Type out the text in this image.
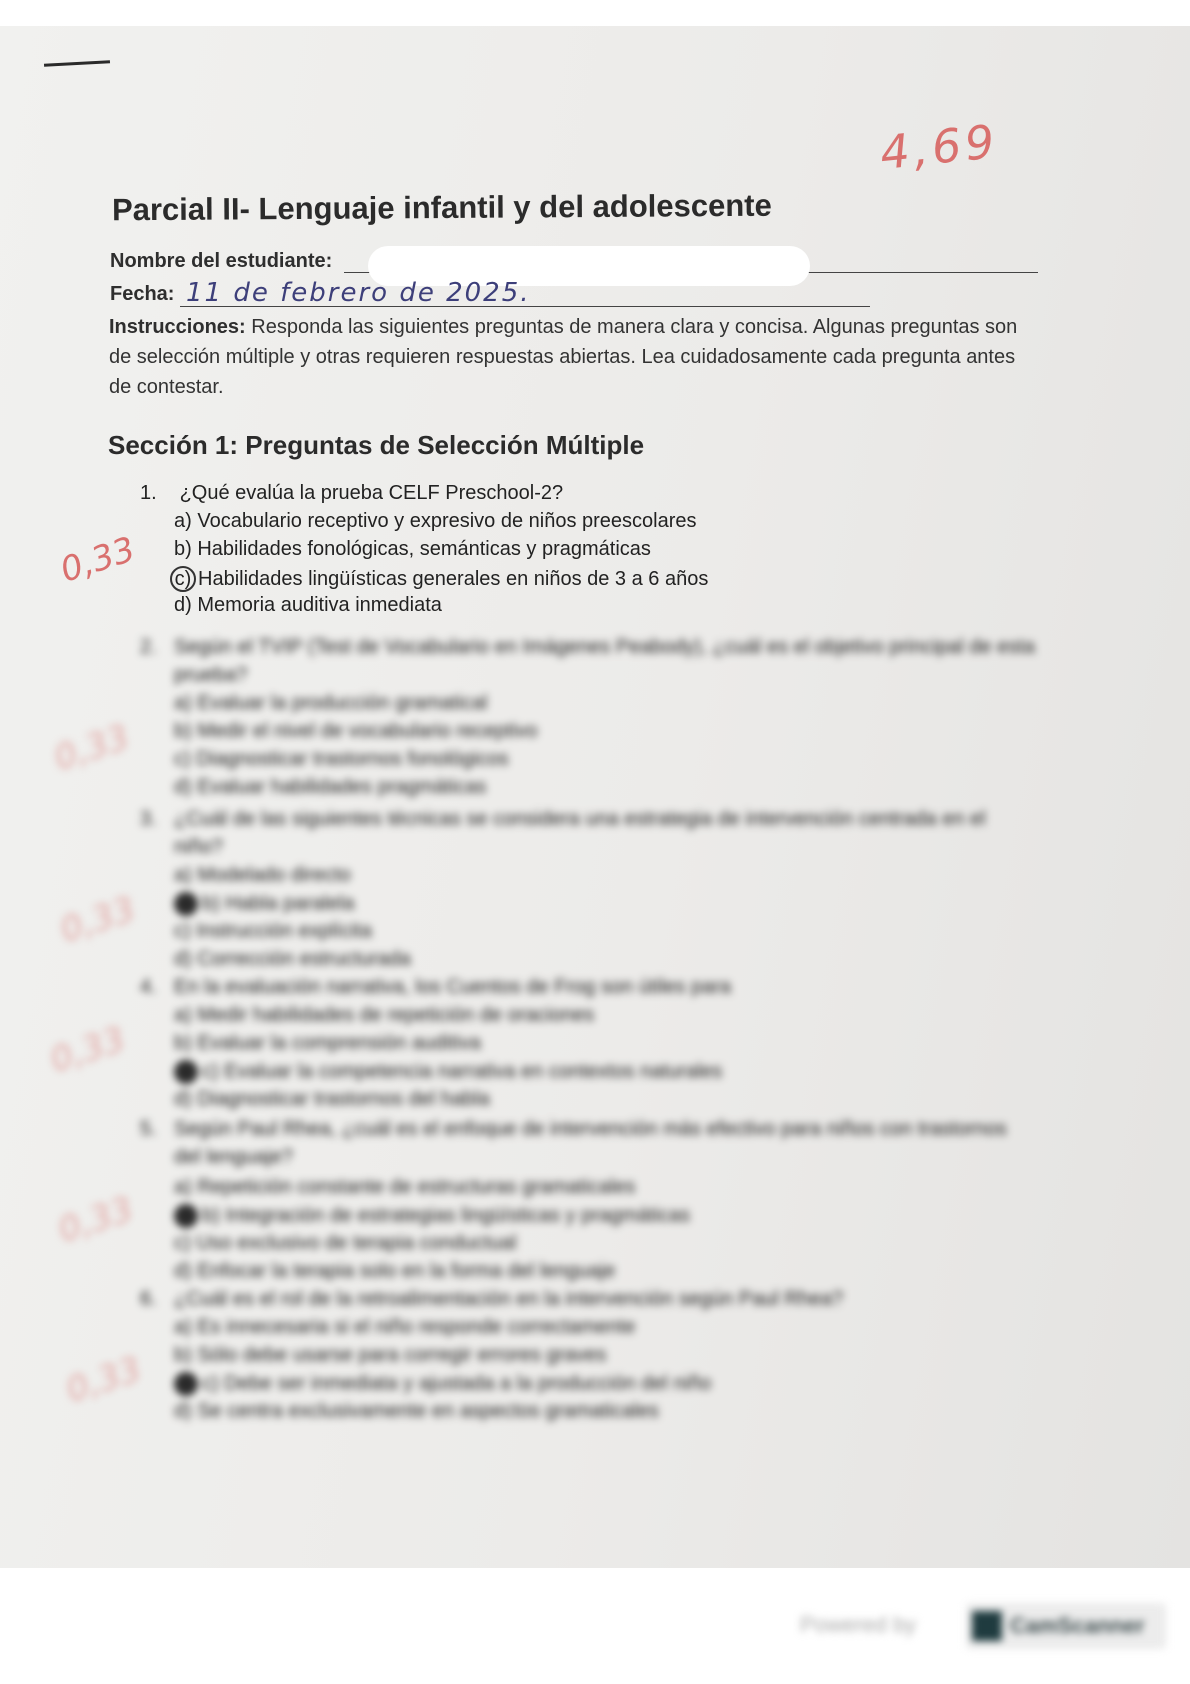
4,69
Parcial II- Lenguaje infantil y del adolescente
Nombre del estudiante:
Fecha: 11 de febrero de 2025.

Instrucciones: Responda las siguientes preguntas de manera clara y concisa. Algunas preguntas son de selección múltiple y otras requieren respuestas abiertas. Lea cuidadosamente cada pregunta antes de contestar.

Sección 1: Preguntas de Selección Múltiple
1. ¿Qué evalúa la prueba CELF Preschool-2?
a) Vocabulario receptivo y expresivo de niños preescolares
b) Habilidades fonológicas, semánticas y pragmáticas
c) Habilidades lingüísticas generales en niños de 3 a 6 años
d) Memoria auditiva inmediata
0,33
2. Según el TVIP (Test de Vocabulario en Imágenes Peabody), ¿cuál es el objetivo principal de esta
prueba?
a) Evaluar la producción gramatical
b) Medir el nivel de vocabulario receptivo
c) Diagnosticar trastornos fonológicos
d) Evaluar habilidades pragmáticas
0,33
3. ¿Cuál de las siguientes técnicas se considera una estrategia de intervención centrada en el
niño?
a) Modelado directo
b) Habla paralela
c) Instrucción explícita
d) Corrección estructurada
0,33
4. En la evaluación narrativa, los Cuentos de Frog son útiles para
a) Medir habilidades de repetición de oraciones
b) Evaluar la comprensión auditiva
c) Evaluar la competencia narrativa en contextos naturales
d) Diagnosticar trastornos del habla
0,33
5. Según Paul Rhea, ¿cuál es el enfoque de intervención más efectivo para niños con trastornos
del lenguaje?
a) Repetición constante de estructuras gramaticales
b) Integración de estrategias lingüísticas y pragmáticas
c) Uso exclusivo de terapia conductual
d) Enfocar la terapia solo en la forma del lenguaje
0,33
6. ¿Cuál es el rol de la retroalimentación en la intervención según Paul Rhea?
a) Es innecesaria si el niño responde correctamente
b) Sólo debe usarse para corregir errores graves
c) Debe ser inmediata y ajustada a la producción del niño
d) Se centra exclusivamente en aspectos gramaticales
0,33
Powered by	CamScanner
